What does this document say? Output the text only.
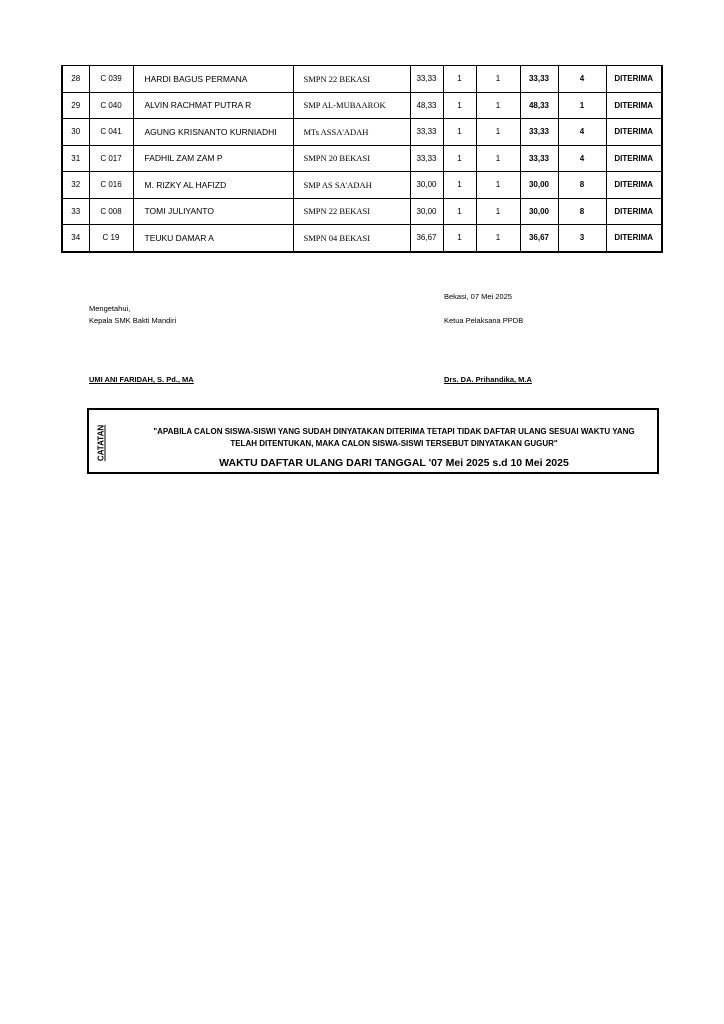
28	C 039	HARDI BAGUS PERMANA	SMPN 22 BEKASI	33,33	1	1	33,33	4	DITERIMA
29	C 040	ALVIN RACHMAT PUTRA R	SMP AL-MUBAAROK	48,33	1	1	48,33	1	DITERIMA
30	C 041	AGUNG KRISNANTO KURNIADHI	MTs ASSA'ADAH	33,33	1	1	33,33	4	DITERIMA
31	C 017	FADHIL ZAM ZAM P	SMPN 20 BEKASI	33,33	1	1	33,33	4	DITERIMA
32	C 016	M. RIZKY AL HAFIZD	SMP AS SA'ADAH	30,00	1	1	30,00	8	DITERIMA
33	C 008	TOMI JULIYANTO	SMPN 22 BEKASI	30,00	1	1	30,00	8	DITERIMA
34	C 19	TEUKU DAMAR A	SMPN 04 BEKASI	36,67	1	1	36,67	3	DITERIMA
Bekasi, 07 Mei 2025
Mengetahui,
Kepala SMK Bakti Mandiri	Ketua Pelaksana PPDB
UMI ANI FARIDAH, S. Pd., MA	Drs. DA. Prihandika, M.A
CATATAN	"APABILA CALON SISWA-SISWI YANG SUDAH DINYATAKAN DITERIMA TETAPI TIDAK DAFTAR ULANG SESUAI WAKTU YANG
TELAH DITENTUKAN, MAKA CALON SISWA-SISWI TERSEBUT DINYATAKAN GUGUR"
WAKTU DAFTAR ULANG DARI TANGGAL '07 Mei 2025 s.d 10 Mei 2025
